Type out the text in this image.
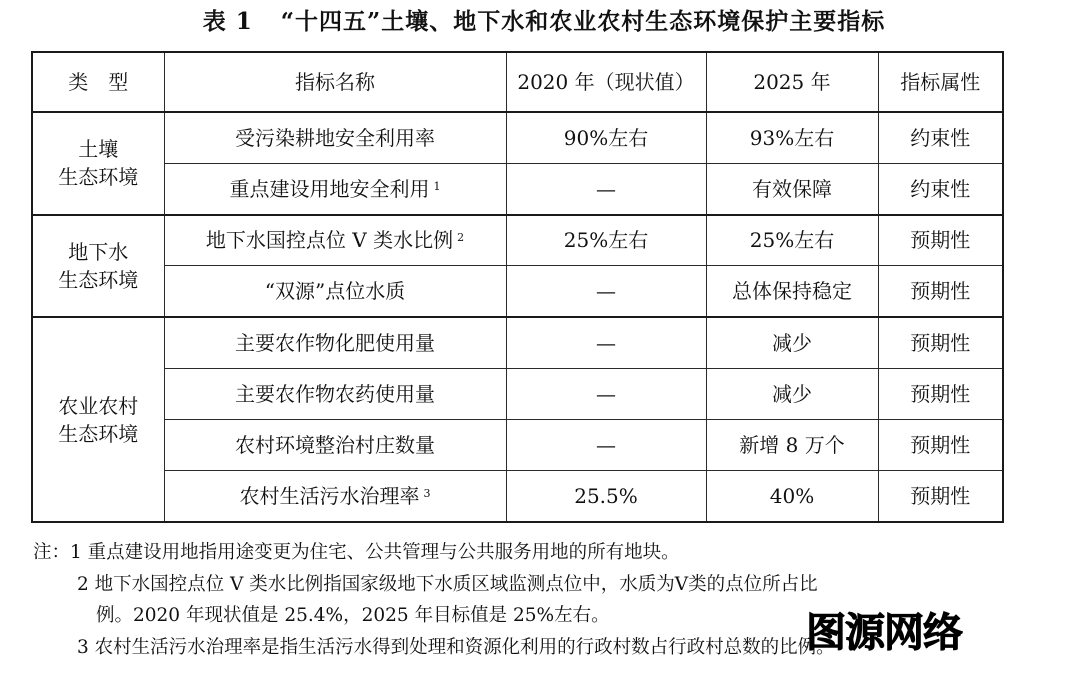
表 1 “十四五”土壤、地下水和农业农村生态环境保护主要指标
类　型	指标名称	2020 年（现状值）	2025 年	指标属性

土壤
生态环境	受污染耕地安全利用率	90%左右	93%左右	约束性
	重点建设用地安全利用 $^1$	—	有效保障	约束性

地下水
生态环境	地下水国控点位 V 类水比例 $^2$	25%左右	25%左右	预期性
	“双源”点位水质	—	总体保持稳定	预期性

农业农村
生态环境	主要农作物化肥使用量	—	减少	预期性
	主要农作物农药使用量	—	减少	预期性
	农村环境整治村庄数量	—	新增 8 万个	预期性
	农村生活污水治理率 $^3$	25.5%	40%	预期性
注：1 重点建设用地指用途变更为住宅、公共管理与公共服务用地的所有地块。
2 地下水国控点位 V 类水比例指国家级地下水质区域监测点位中，水质为V类的点位所占比
例。2020 年现状值是 25.4%，2025 年目标值是 25%左右。
3 农村生活污水治理率是指生活污水得到处理和资源化利用的行政村数占行政村总数的比例。
图源网络
